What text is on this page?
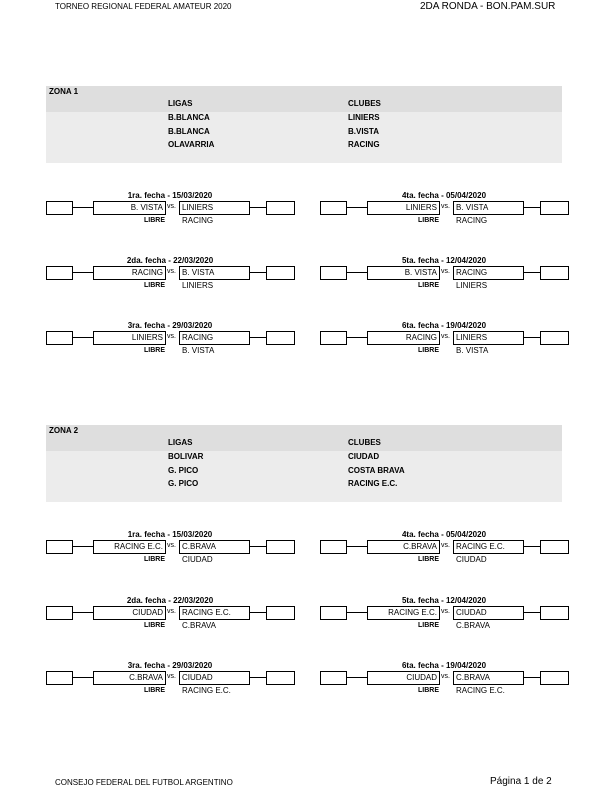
TORNEO REGIONAL FEDERAL AMATEUR 2020	2DA RONDA - BON.PAM.SUR
ZONA 1
LIGAS	CLUBES
B.BLANCA	LINIERS
B.BLANCA	B.VISTA
OLAVARRIA	RACING
1ra. fecha - 15/03/2020
B. VISTA vs. LINIERS
LIBRE RACING
4ta. fecha - 05/04/2020
LINIERS vs. B. VISTA
LIBRE RACING
2da. fecha - 22/03/2020
RACING vs. B. VISTA
LIBRE LINIERS
5ta. fecha - 12/04/2020
B. VISTA vs. RACING
LIBRE LINIERS
3ra. fecha - 29/03/2020
LINIERS vs. RACING
LIBRE B. VISTA
6ta. fecha - 19/04/2020
RACING vs. LINIERS
LIBRE B. VISTA
ZONA 2
LIGAS	CLUBES
BOLIVAR	CIUDAD
G. PICO	COSTA BRAVA
G. PICO	RACING E.C.
1ra. fecha - 15/03/2020
RACING E.C. vs. C.BRAVA
LIBRE CIUDAD
4ta. fecha - 05/04/2020
C.BRAVA vs. RACING E.C.
LIBRE CIUDAD
2da. fecha - 22/03/2020
CIUDAD vs. RACING E.C.
LIBRE C.BRAVA
5ta. fecha - 12/04/2020
RACING E.C. vs. CIUDAD
LIBRE C.BRAVA
3ra. fecha - 29/03/2020
C.BRAVA vs. CIUDAD
LIBRE RACING E.C.
6ta. fecha - 19/04/2020
CIUDAD vs. C.BRAVA
LIBRE RACING E.C.
CONSEJO FEDERAL DEL FUTBOL ARGENTINO	Página 1 de 2
